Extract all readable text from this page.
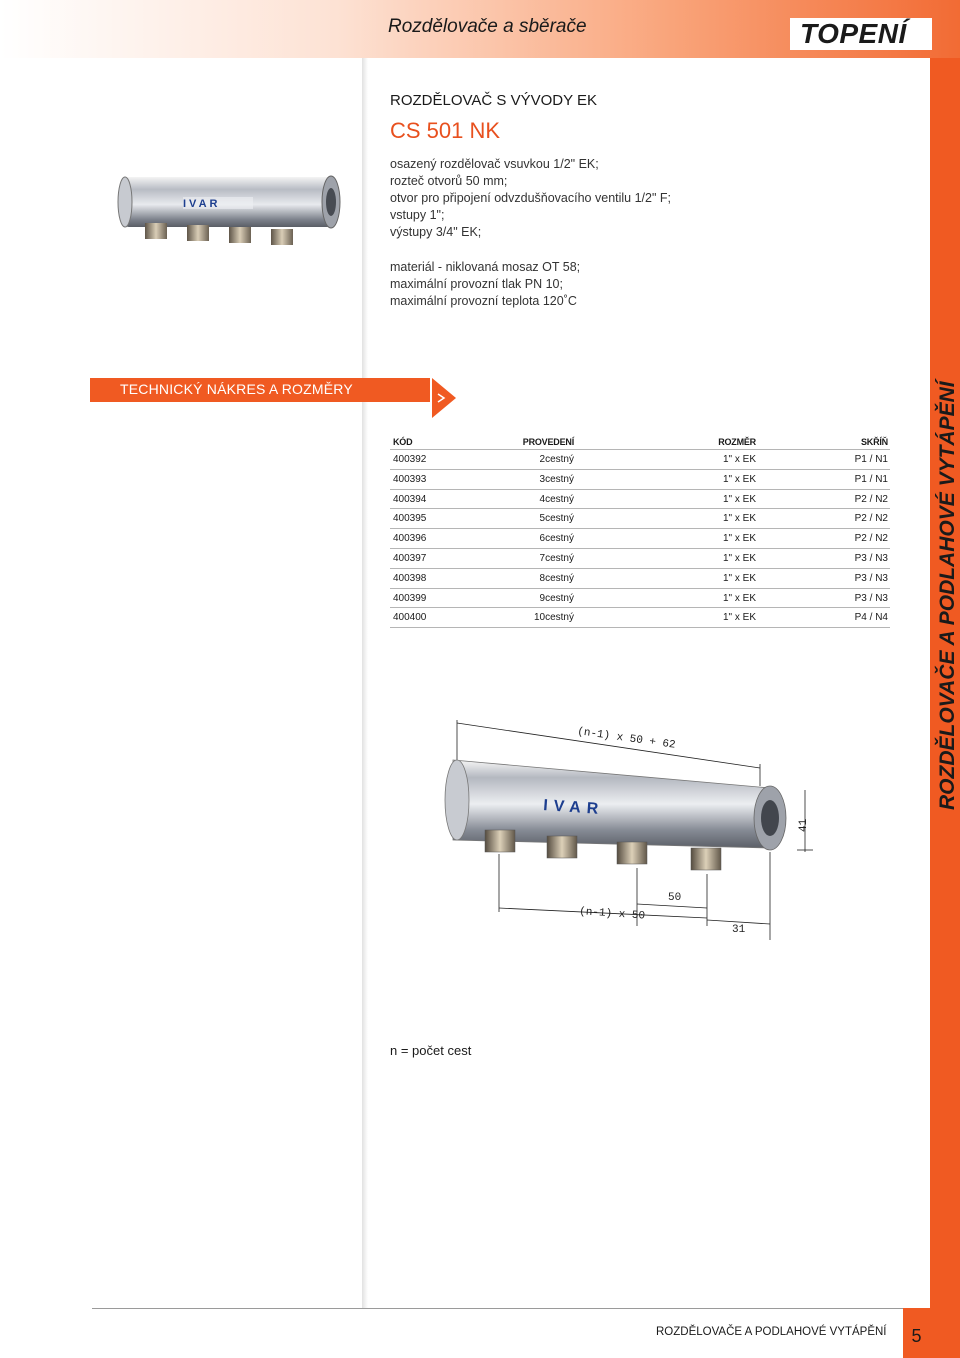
Rozdělovače a sběrače	TOPENÍ
ROZDĚLOVAČE A PODLAHOVÉ VYTÁPĚNÍ
IVAR
ROZDĚLOVAČ S VÝVODY EK
CS 501 NK
osazený rozdělovač vsuvkou 1/2" EK;
rozteč otvorů 50 mm;
otvor pro připojení odvzdušňovacího ventilu 1/2" F;
vstupy 1";
výstupy 3/4" EK;
materiál - niklovaná mosaz OT 58;
maximální provozní tlak PN 10;
maximální provozní teplota 120˚C
TECHNICKÝ NÁKRES A ROZMĚRY
KÓD	PROVEDENÍ	ROZMĚR	SKŘÍŇ
400392	2cestný	1" x EK	P1 / N1
400393	3cestný	1" x EK	P1 / N1
400394	4cestný	1" x EK	P2 / N2
400395	5cestný	1" x EK	P2 / N2
400396	6cestný	1" x EK	P2 / N2
400397	7cestný	1" x EK	P3 / N3
400398	8cestný	1" x EK	P3 / N3
400399	9cestný	1" x EK	P3 / N3
400400	10cestný	1" x EK	P4 / N4
(n-1) x 50 + 62
IVAR
41
50
(n-1) x 50
31
n = počet cest
ROZDĚLOVAČE A PODLAHOVÉ VYTÁPĚNÍ	5
